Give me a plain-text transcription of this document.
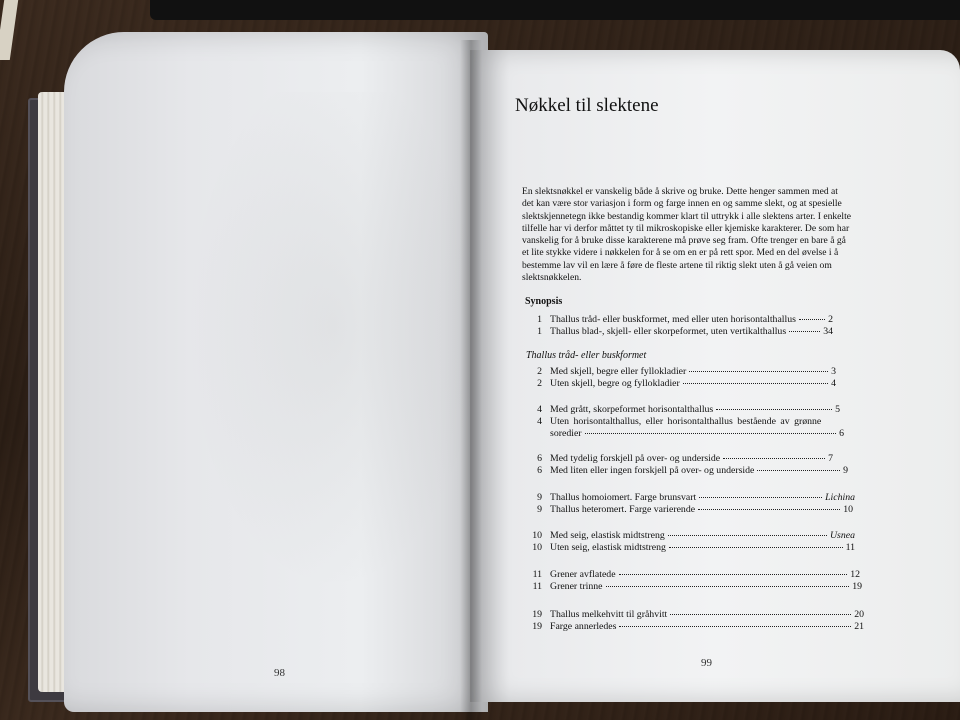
98
Nøkkel til slektene

En slektsnøkkel er vanskelig både å skrive og bruke. Dette henger sammen med at det kan være stor variasjon i form og farge innen en og samme slekt, og at spesielle slektskjennetegn ikke bestandig kommer klart til uttrykk i alle slektens arter. I enkelte tilfelle har vi derfor måttet ty til mikroskopiske eller kjemiske karakterer. De som har vanskelig for å bruke disse karakterene må prøve seg fram. Ofte trenger en bare å gå et lite stykke videre i nøkkelen for å se om en er på rett spor. Med en del øvelse i å bestemme lav vil en lære å føre de fleste artene til riktig slekt uten å gå veien om slektsnøkkelen.

Synopsis
1 Thallus tråd- eller buskformet, med eller uten horisontalthallus	2
1 Thallus blad-, skjell- eller skorpeformet, uten vertikalthallus	34
Thallus tråd- eller buskformet
2 Med skjell, begre eller fyllokladier	3
2 Uten skjell, begre og fyllokladier	4
4 Med grått, skorpeformet horisontalthallus	5
4 Uten horisontalthallus, eller horisontalthallus bestående av grønne
soredier	6
6 Med tydelig forskjell på over- og underside	7
6 Med liten eller ingen forskjell på over- og underside	9
9 Thallus homoiomert. Farge brunsvart	Lichina
9 Thallus heteromert. Farge varierende	10
10 Med seig, elastisk midtstreng	Usnea
10 Uten seig, elastisk midtstreng	11
11 Grener avflatede	12
11 Grener trinne	19
19 Thallus melkehvitt til gråhvitt	20
19 Farge annerledes	21
99
